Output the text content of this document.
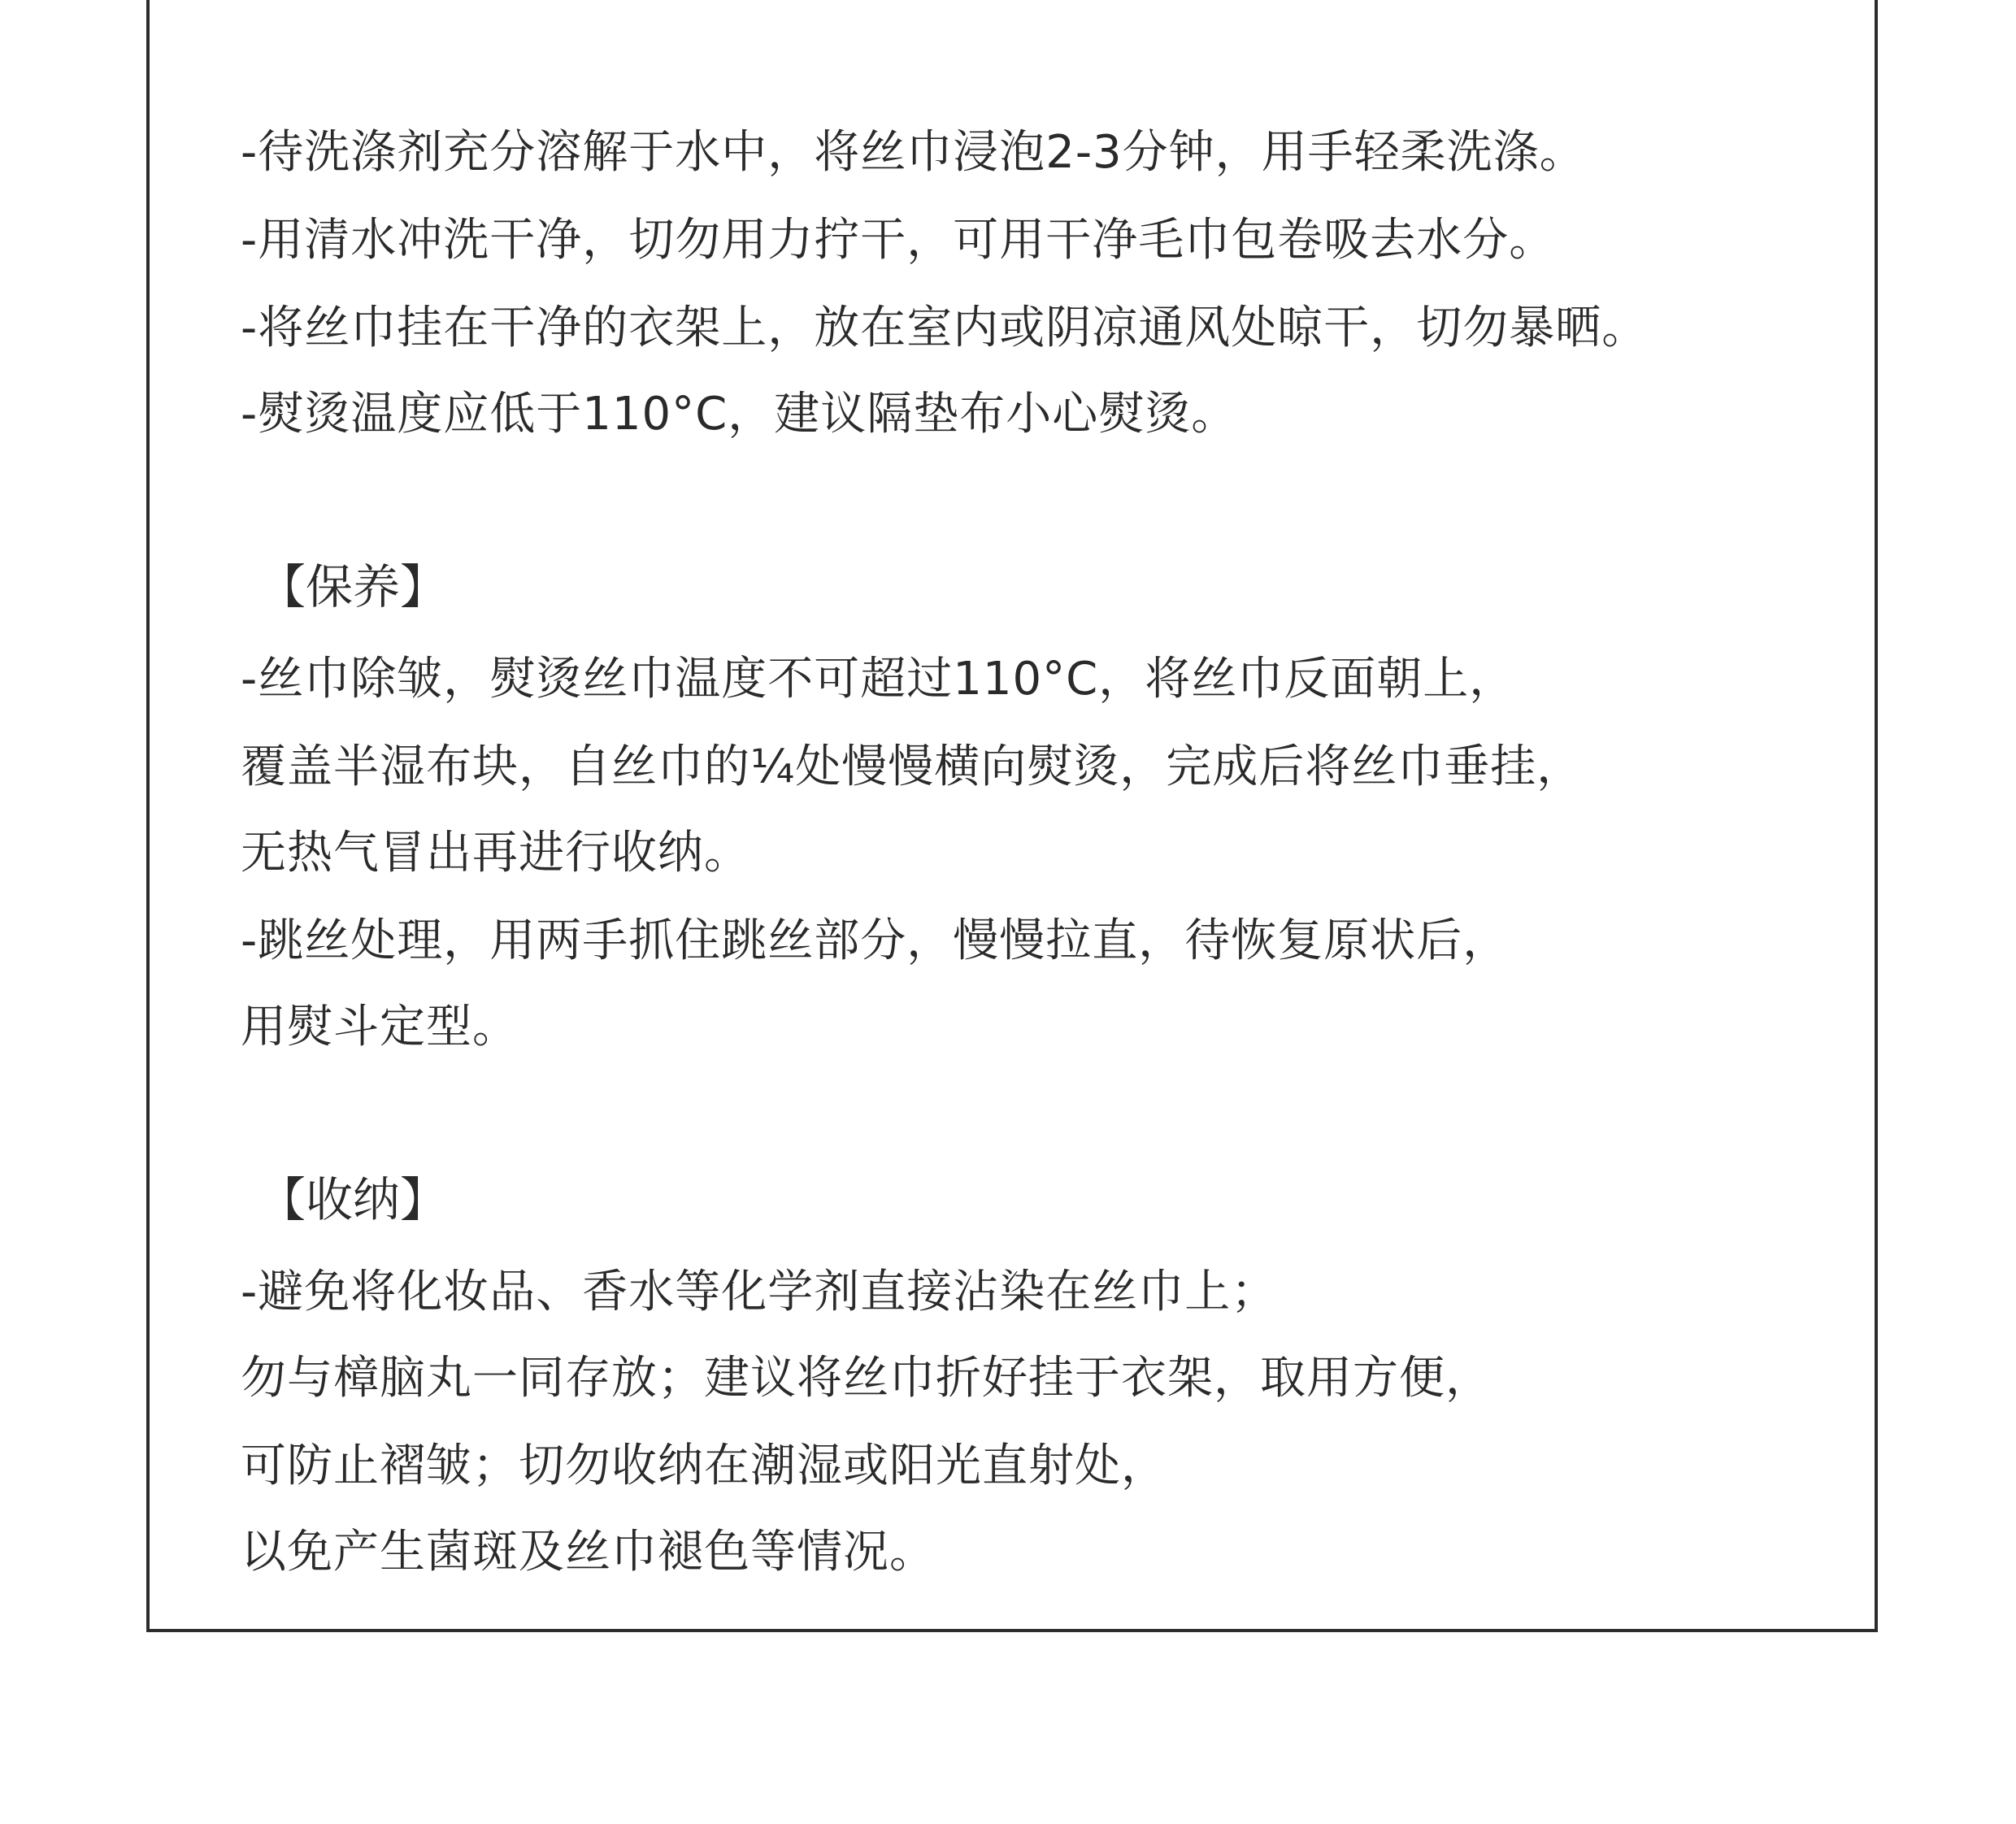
-待洗涤剂充分溶解于水中，将丝巾浸泡2-3分钟，用手轻柔洗涤。
-用清水冲洗干净，切勿用力拧干，可用干净毛巾包卷吸去水分。
-将丝巾挂在干净的衣架上，放在室内或阴凉通风处晾干，切勿暴晒。
-熨烫温度应低于110°C，建议隔垫布小心熨烫。
【保养】
-丝巾除皱，熨烫丝巾温度不可超过110°C，将丝巾反面朝上，
覆盖半湿布块，自丝巾的¼处慢慢横向熨烫，完成后将丝巾垂挂，
无热气冒出再进行收纳。
-跳丝处理，用两手抓住跳丝部分，慢慢拉直，待恢复原状后，
用熨斗定型。
【收纳】
-避免将化妆品、香水等化学剂直接沾染在丝巾上；
勿与樟脑丸一同存放；建议将丝巾折好挂于衣架，取用方便，
可防止褶皱；切勿收纳在潮湿或阳光直射处，
以免产生菌斑及丝巾褪色等情况。
